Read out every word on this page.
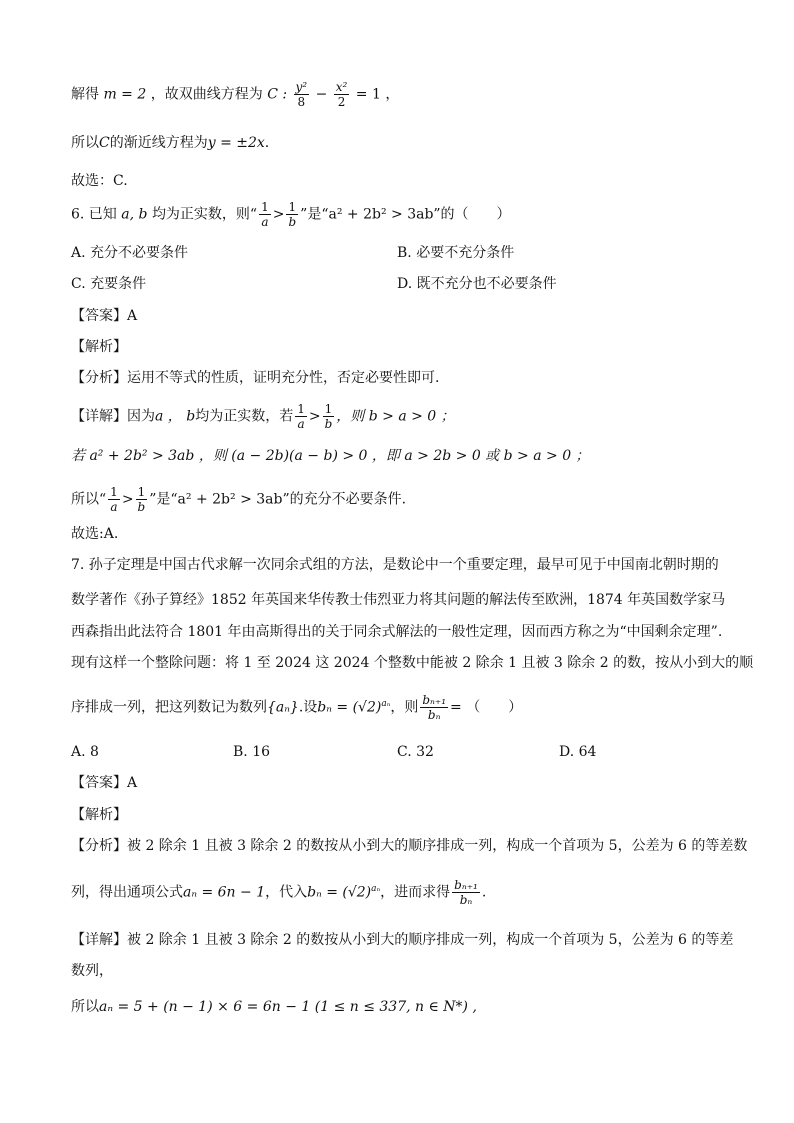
解得 m = 2 ，故双曲线方程为 C : $\frac{\text{y²}}{8} - \frac{\text{x²}}{2} = 1$ ，
所以C的渐近线方程为y = ±2x.
故选：C.
6. 已知 a, b 均为正实数，则“ $\frac{1}{a} > \frac{1}{b}$ ”是“a² + 2b² > 3ab”的（　　）
A. 充分不必要条件	B. 必要不充分条件
C. 充要条件	D. 既不充分也不必要条件
【答案】A
【解析】
【分析】运用不等式的性质，证明充分性，否定必要性即可.
【详解】因为a ， b均为正实数，若 $\frac{1}{a} > \frac{1}{b}$ ，则 b > a > 0 ；
若 a² + 2b² > 3ab ，则 (a − 2b)(a − b) > 0 ，即 a > 2b > 0 或 b > a > 0 ；
所以“ $\frac{1}{a} > \frac{1}{b}$ ”是“a² + 2b² > 3ab”的充分不必要条件.
故选:A.
7. 孙子定理是中国古代求解一次同余式组的方法，是数论中一个重要定理，最早可见于中国南北朝时期的
数学著作《孙子算经》1852 年英国来华传教士伟烈亚力将其问题的解法传至欧洲，1874 年英国数学家马
西森指出此法符合 1801 年由高斯得出的关于同余式解法的一般性定理，因而西方称之为“中国剩余定理”.
现有这样一个整除问题：将 1 至 2024 这 2024 个整数中能被 2 除余 1 且被 3 除余 2 的数，按从小到大的顺
序排成一列，把这列数记为数列{aₙ}.设$b_n = (√2)^{a_n}$，则 $\frac{\text{bₙ₊₁}}{\text{bₙ}}$ = （　　）
A. 8	B. 16	C. 32	D. 64
【答案】A
【解析】
【分析】被 2 除余 1 且被 3 除余 2 的数按从小到大的顺序排成一列，构成一个首项为 5，公差为 6 的等差数
列，得出通项公式aₙ = 6n − 1，代入$b_n = (√2)^{a_n}$，进而求得 $\frac{\text{bₙ₊₁}}{\text{bₙ}}$ .
【详解】被 2 除余 1 且被 3 除余 2 的数按从小到大的顺序排成一列，构成一个首项为 5，公差为 6 的等差
数列，
所以aₙ = 5 + (n − 1) × 6 = 6n − 1 (1 ≤ n ≤ 337, n ∈ N*) ,
